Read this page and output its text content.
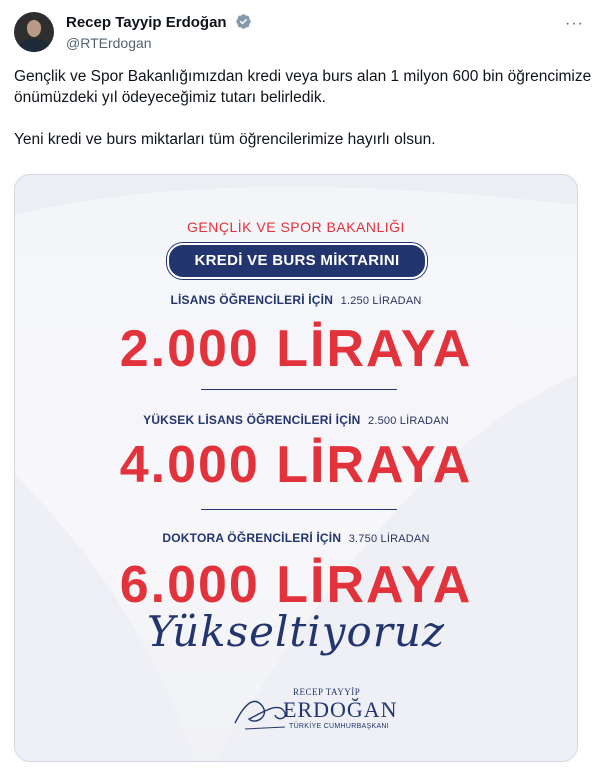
Recep Tayyip Erdoğan
@RTErdogan
···

Gençlik ve Spor Bakanlığımızdan kredi veya burs alan 1 milyon 600 bin öğrencimize önümüzdeki yıl ödeyeceğimiz tutarı belirledik.

Yeni kredi ve burs miktarları tüm öğrencilerimize hayırlı olsun.

GENÇLİK VE SPOR BAKANLIĞI
KREDİ VE BURS MİKTARINI
LİSANS ÖĞRENCİLERİ İÇİN 1.250 LİRADAN
2.000 LİRAYA
YÜKSEK LİSANS ÖĞRENCİLERİ İÇİN 2.500 LİRADAN
4.000 LİRAYA
DOKTORA ÖĞRENCİLERİ İÇİN 3.750 LİRADAN
6.000 LİRAYA
Yükseltiyoruz
RECEP TAYYİP
ERDOĞAN
TÜRKİYE CUMHURBAŞKANI
